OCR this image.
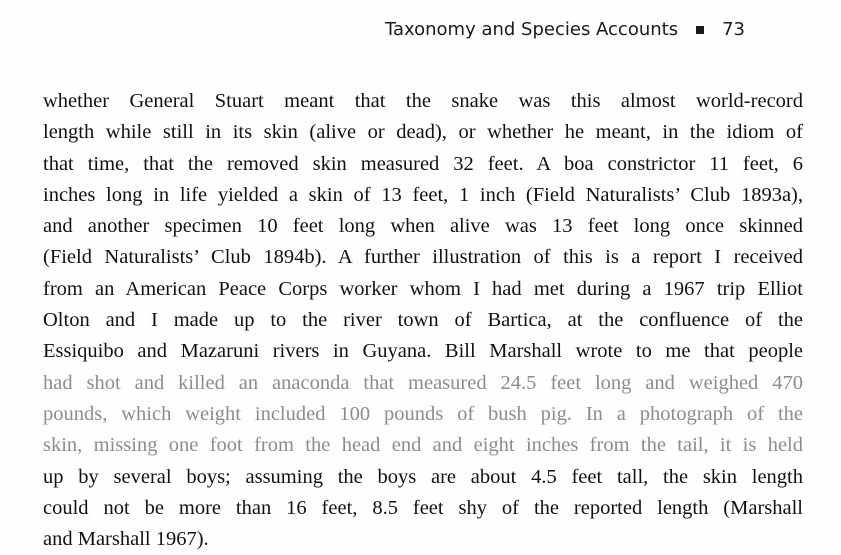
Taxonomy and Species Accounts 73
whether General Stuart meant that the snake was this almost world-record
length while still in its skin (alive or dead), or whether he meant, in the idiom of
that time, that the removed skin measured 32 feet. A boa constrictor 11 feet, 6
inches long in life yielded a skin of 13 feet, 1 inch (Field Naturalists’ Club 1893a),
and another specimen 10 feet long when alive was 13 feet long once skinned
(Field Naturalists’ Club 1894b). A further illustration of this is a report I received
from an American Peace Corps worker whom I had met during a 1967 trip Elliot
Olton and I made up to the river town of Bartica, at the confluence of the
Essiquibo and Mazaruni rivers in Guyana. Bill Marshall wrote to me that people
had shot and killed an anaconda that measured 24.5 feet long and weighed 470
pounds, which weight included 100 pounds of bush pig. In a photograph of the
skin, missing one foot from the head end and eight inches from the tail, it is held
up by several boys; assuming the boys are about 4.5 feet tall, the skin length
could not be more than 16 feet, 8.5 feet shy of the reported length (Marshall
and Marshall 1967).
